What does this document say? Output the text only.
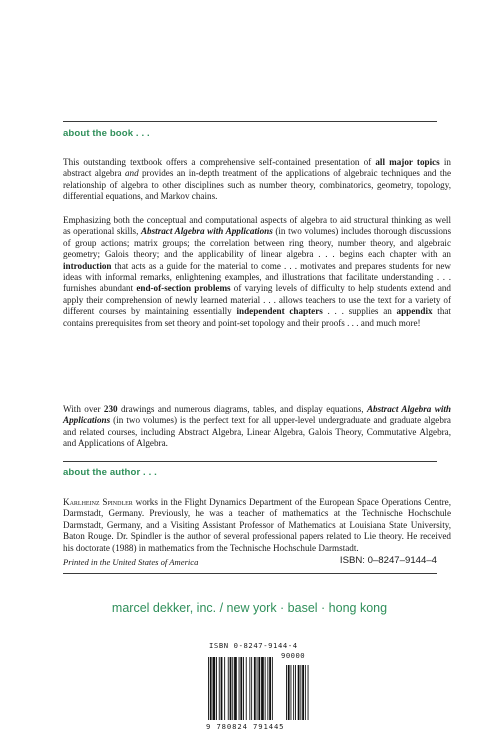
about the book . . .

This outstanding textbook offers a comprehensive self-contained presentation of all major topics in abstract algebra and provides an in-depth treatment of the applications of algebraic techniques and the relationship of algebra to other disciplines such as number theory, combinatorics, geometry, topology, differential equations, and Markov chains.

Emphasizing both the conceptual and computational aspects of algebra to aid structural thinking as well as operational skills, Abstract Algebra with Applications (in two volumes) includes thorough discussions of group actions; matrix groups; the correlation between ring theory, number theory, and algebraic geometry; Galois theory; and the applicability of linear algebra . . . begins each chapter with an introduction that acts as a guide for the material to come . . . motivates and prepares students for new ideas with informal remarks, enlightening examples, and illustrations that facilitate understanding . . . furnishes abundant end-of-section problems of varying levels of difficulty to help students extend and apply their comprehension of newly learned material . . . allows teachers to use the text for a variety of different courses by maintaining essentially independent chapters . . . supplies an appendix that contains prerequisites from set theory and point-set topology and their proofs . . . and much more!

With over 230 drawings and numerous diagrams, tables, and display equations, Abstract Algebra with Applications (in two volumes) is the perfect text for all upper-level undergraduate and graduate algebra and related courses, including Abstract Algebra, Linear Algebra, Galois Theory, Commutative Algebra, and Applications of Algebra.

about the author . . .

Karlheinz Spindler works in the Flight Dynamics Department of the European Space Operations Centre, Darmstadt, Germany. Previously, he was a teacher of mathematics at the Technische Hochschule Darmstadt, Germany, and a Visiting Assistant Professor of Mathematics at Louisiana State University, Baton Rouge. Dr. Spindler is the author of several professional papers related to Lie theory. He received his doctorate (1988) in mathematics from the Technische Hochschule Darmstadt.

Printed in the United States of America	ISBN: 0–8247–9144–4
marcel dekker, inc. / new york · basel · hong kong
ISBN 0-8247-9144-4
90000
9 780824 791445
